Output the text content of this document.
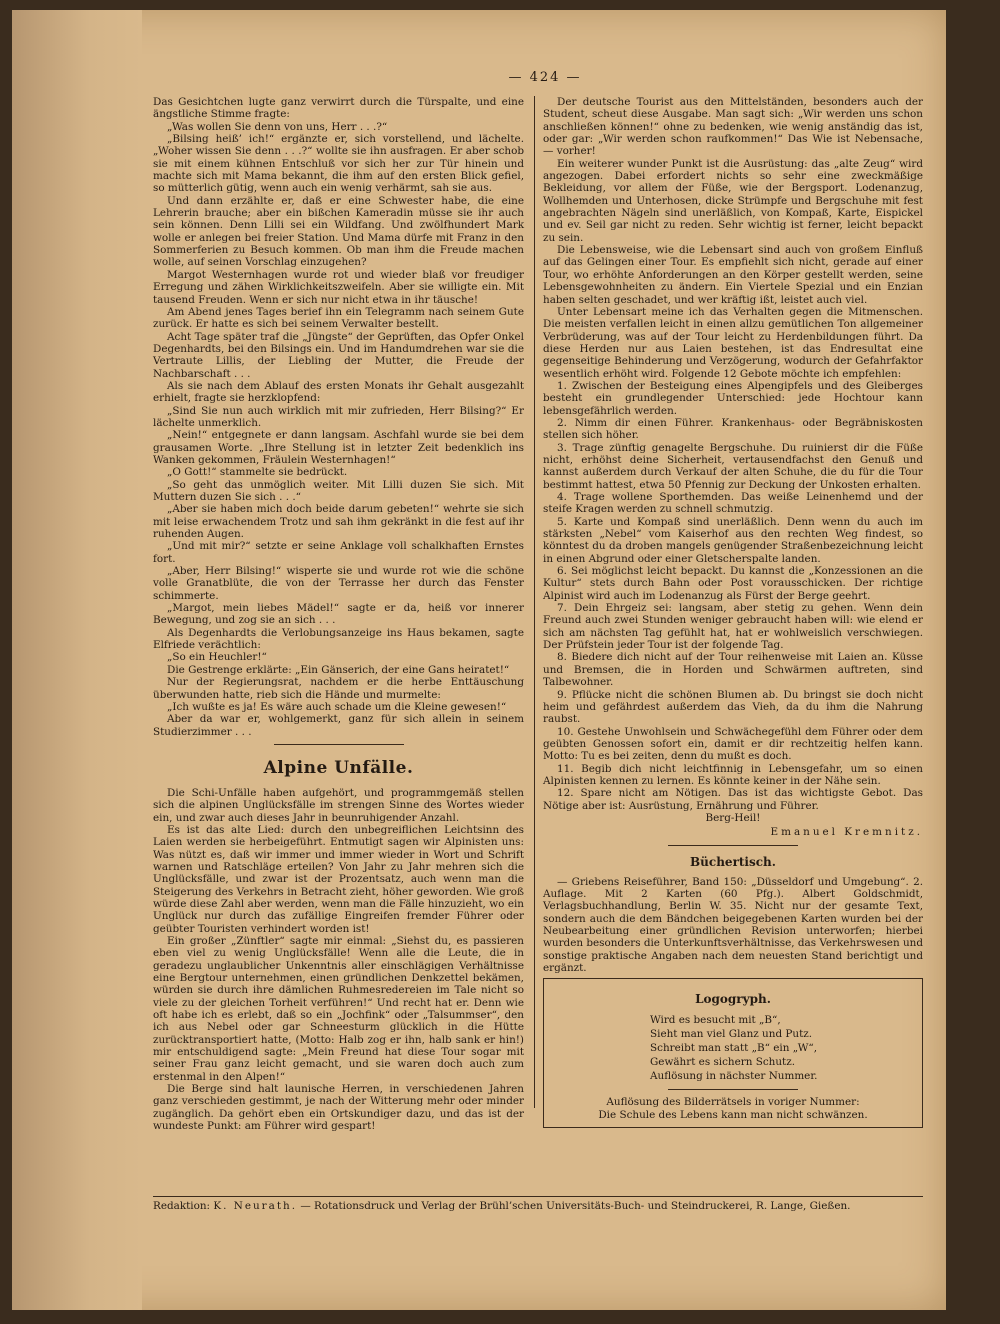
— 424 —

Das Gesichtchen lugte ganz verwirrt durch die Türspalte, und eine ängstliche Stimme fragte:

„Was wollen Sie denn von uns, Herr . . .?“

„Bilsing heiß’ ich!“ ergänzte er, sich vorstellend, und lächelte. „Woher wissen Sie denn . . .?“ wollte sie ihn ausfragen. Er aber schob sie mit einem kühnen Entschluß vor sich her zur Tür hinein und machte sich mit Mama bekannt, die ihm auf den ersten Blick gefiel, so mütterlich gütig, wenn auch ein wenig verhärmt, sah sie aus.

Und dann erzählte er, daß er eine Schwester habe, die eine Lehrerin brauche; aber ein bißchen Kameradin müsse sie ihr auch sein können. Denn Lilli sei ein Wildfang. Und zwölfhundert Mark wolle er anlegen bei freier Station. Und Mama dürfe mit Franz in den Sommerferien zu Besuch kommen. Ob man ihm die Freude machen wolle, auf seinen Vorschlag einzugehen?

Margot Westernhagen wurde rot und wieder blaß vor freudiger Erregung und zähen Wirklichkeitszweifeln. Aber sie willigte ein. Mit tausend Freuden. Wenn er sich nur nicht etwa in ihr täusche!

Am Abend jenes Tages berief ihn ein Telegramm nach seinem Gute zurück. Er hatte es sich bei seinem Verwalter bestellt.

Acht Tage später traf die „Jüngste“ der Geprüften, das Opfer Onkel Degenhardts, bei den Bilsings ein. Und im Handumdrehen war sie die Vertraute Lillis, der Liebling der Mutter, die Freude der Nachbarschaft . . .

Als sie nach dem Ablauf des ersten Monats ihr Gehalt ausgezahlt erhielt, fragte sie herzklopfend:

„Sind Sie nun auch wirklich mit mir zufrieden, Herr Bilsing?“ Er lächelte unmerklich.

„Nein!“ entgegnete er dann langsam. Aschfahl wurde sie bei dem grausamen Worte. „Ihre Stellung ist in letzter Zeit bedenklich ins Wanken gekommen, Fräulein Westernhagen!“

„O Gott!“ stammelte sie bedrückt.

„So geht das unmöglich weiter. Mit Lilli duzen Sie sich. Mit Muttern duzen Sie sich . . .“

„Aber sie haben mich doch beide darum gebeten!“ wehrte sie sich mit leise erwachendem Trotz und sah ihm gekränkt in die fest auf ihr ruhenden Augen.

„Und mit mir?“ setzte er seine Anklage voll schalkhaften Ernstes fort.

„Aber, Herr Bilsing!“ wisperte sie und wurde rot wie die schöne volle Granatblüte, die von der Terrasse her durch das Fenster schimmerte.

„Margot, mein liebes Mädel!“ sagte er da, heiß vor innerer Bewegung, und zog sie an sich . . .

Als Degenhardts die Verlobungsanzeige ins Haus bekamen, sagte Elfriede verächtlich:

„So ein Heuchler!“

Die Gestrenge erklärte: „Ein Gänserich, der eine Gans heiratet!“

Nur der Regierungsrat, nachdem er die herbe Enttäuschung überwunden hatte, rieb sich die Hände und murmelte:

„Ich wußte es ja! Es wäre auch schade um die Kleine gewesen!“

Aber da war er, wohlgemerkt, ganz für sich allein in seinem Studierzimmer . . .

Alpine Unfälle.

Die Schi-Unfälle haben aufgehört, und programmgemäß stellen sich die alpinen Unglücksfälle im strengen Sinne des Wortes wieder ein, und zwar auch dieses Jahr in beunruhigender Anzahl.

Es ist das alte Lied: durch den unbegreiflichen Leichtsinn des Laien werden sie herbeigeführt. Entmutigt sagen wir Alpinisten uns: Was nützt es, daß wir immer und immer wieder in Wort und Schrift warnen und Ratschläge erteilen? Von Jahr zu Jahr mehren sich die Unglücksfälle, und zwar ist der Prozentsatz, auch wenn man die Steigerung des Verkehrs in Betracht zieht, höher geworden. Wie groß würde diese Zahl aber werden, wenn man die Fälle hinzuzieht, wo ein Unglück nur durch das zufällige Eingreifen fremder Führer oder geübter Touristen verhindert worden ist!

Ein großer „Zünftler“ sagte mir einmal: „Siehst du, es passieren eben viel zu wenig Unglücksfälle! Wenn alle die Leute, die in geradezu unglaublicher Unkenntnis aller einschlägigen Verhältnisse eine Bergtour unternehmen, einen gründlichen Denkzettel bekämen, würden sie durch ihre dämlichen Ruhmesredereien im Tale nicht so viele zu der gleichen Torheit verführen!“ Und recht hat er. Denn wie oft habe ich es erlebt, daß so ein „Jochfink“ oder „Talsummser“, den ich aus Nebel oder gar Schneesturm glücklich in die Hütte zurücktransportiert hatte, (Motto: Halb zog er ihn, halb sank er hin!) mir entschuldigend sagte: „Mein Freund hat diese Tour sogar mit seiner Frau ganz leicht gemacht, und sie waren doch auch zum erstenmal in den Alpen!“

Die Berge sind halt launische Herren, in verschiedenen Jahren ganz verschieden gestimmt, je nach der Witterung mehr oder minder zugänglich. Da gehört eben ein Ortskundiger dazu, und das ist der wundeste Punkt: am Führer wird gespart!

Der deutsche Tourist aus den Mittelständen, besonders auch der Student, scheut diese Ausgabe. Man sagt sich: „Wir werden uns schon anschließen können!“ ohne zu bedenken, wie wenig anständig das ist, oder gar: „Wir werden schon raufkommen!“ Das Wie ist Nebensache, — vorher!

Ein weiterer wunder Punkt ist die Ausrüstung: das „alte Zeug“ wird angezogen. Dabei erfordert nichts so sehr eine zweckmäßige Bekleidung, vor allem der Füße, wie der Bergsport. Lodenanzug, Wollhemden und Unterhosen, dicke Strümpfe und Bergschuhe mit fest angebrachten Nägeln sind unerläßlich, von Kompaß, Karte, Eispickel und ev. Seil gar nicht zu reden. Sehr wichtig ist ferner, leicht bepackt zu sein.

Die Lebensweise, wie die Lebensart sind auch von großem Einfluß auf das Gelingen einer Tour. Es empfiehlt sich nicht, gerade auf einer Tour, wo erhöhte Anforderungen an den Körper gestellt werden, seine Lebensgewohnheiten zu ändern. Ein Viertele Spezial und ein Enzian haben selten geschadet, und wer kräftig ißt, leistet auch viel.

Unter Lebensart meine ich das Verhalten gegen die Mitmenschen. Die meisten verfallen leicht in einen allzu gemütlichen Ton allgemeiner Verbrüderung, was auf der Tour leicht zu Herdenbildungen führt. Da diese Herden nur aus Laien bestehen, ist das Endresultat eine gegenseitige Behinderung und Verzögerung, wodurch der Gefahrfaktor wesentlich erhöht wird. Folgende 12 Gebote möchte ich empfehlen:

1. Zwischen der Besteigung eines Alpengipfels und des Gleiberges besteht ein grundlegender Unterschied: jede Hochtour kann lebensgefährlich werden.

2. Nimm dir einen Führer. Krankenhaus- oder Begräbniskosten stellen sich höher.

3. Trage zünftig genagelte Bergschuhe. Du ruinierst dir die Füße nicht, erhöhst deine Sicherheit, vertausendfachst den Genuß und kannst außerdem durch Verkauf der alten Schuhe, die du für die Tour bestimmt hattest, etwa 50 Pfennig zur Deckung der Unkosten erhalten.

4. Trage wollene Sporthemden. Das weiße Leinenhemd und der steife Kragen werden zu schnell schmutzig.

5. Karte und Kompaß sind unerläßlich. Denn wenn du auch im stärksten „Nebel“ vom Kaiserhof aus den rechten Weg findest, so könntest du da droben mangels genügender Straßenbezeichnung leicht in einen Abgrund oder einer Gletscherspalte landen.

6. Sei möglichst leicht bepackt. Du kannst die „Konzessionen an die Kultur“ stets durch Bahn oder Post vorausschicken. Der richtige Alpinist wird auch im Lodenanzug als Fürst der Berge geehrt.

7. Dein Ehrgeiz sei: langsam, aber stetig zu gehen. Wenn dein Freund auch zwei Stunden weniger gebraucht haben will: wie elend er sich am nächsten Tag gefühlt hat, hat er wohlweislich verschwiegen. Der Prüfstein jeder Tour ist der folgende Tag.

8. Biedere dich nicht auf der Tour reihenweise mit Laien an. Küsse und Bremsen, die in Horden und Schwärmen auftreten, sind Talbewohner.

9. Pflücke nicht die schönen Blumen ab. Du bringst sie doch nicht heim und gefährdest außerdem das Vieh, da du ihm die Nahrung raubst.

10. Gestehe Unwohlsein und Schwächegefühl dem Führer oder dem geübten Genossen sofort ein, damit er dir rechtzeitig helfen kann. Motto: Tu es bei zeiten, denn du mußt es doch.

11. Begib dich nicht leichtfinnig in Lebensgefahr, um so einen Alpinisten kennen zu lernen. Es könnte keiner in der Nähe sein.

12. Spare nicht am Nötigen. Das ist das wichtigste Gebot. Das Nötige aber ist: Ausrüstung, Ernährung und Führer.

Berg-Heil!

Emanuel Kremnitz.
Büchertisch.

— Griebens Reiseführer, Band 150: „Düsseldorf und Umgebung“. 2. Auflage. Mit 2 Karten (60 Pfg.). Albert Goldschmidt, Verlagsbuchhandlung, Berlin W. 35. Nicht nur der gesamte Text, sondern auch die dem Bändchen beigegebenen Karten wurden bei der Neubearbeitung einer gründlichen Revision unterworfen; hierbei wurden besonders die Unterkunftsverhältnisse, das Verkehrswesen und sonstige praktische Angaben nach dem neuesten Stand berichtigt und ergänzt.

Logogryph.
Wird es besucht mit „B“,
Sieht man viel Glanz und Putz.
Schreibt man statt „B“ ein „W“,
Gewährt es sichern Schutz.
Auflösung in nächster Nummer.

Auflösung des Bilderrätsels in voriger Nummer:

Die Schule des Lebens kann man nicht schwänzen.

Redaktion: K. Neurath. — Rotationsdruck und Verlag der Brühl’schen Universitäts-Buch- und Steindruckerei, R. Lange, Gießen.
